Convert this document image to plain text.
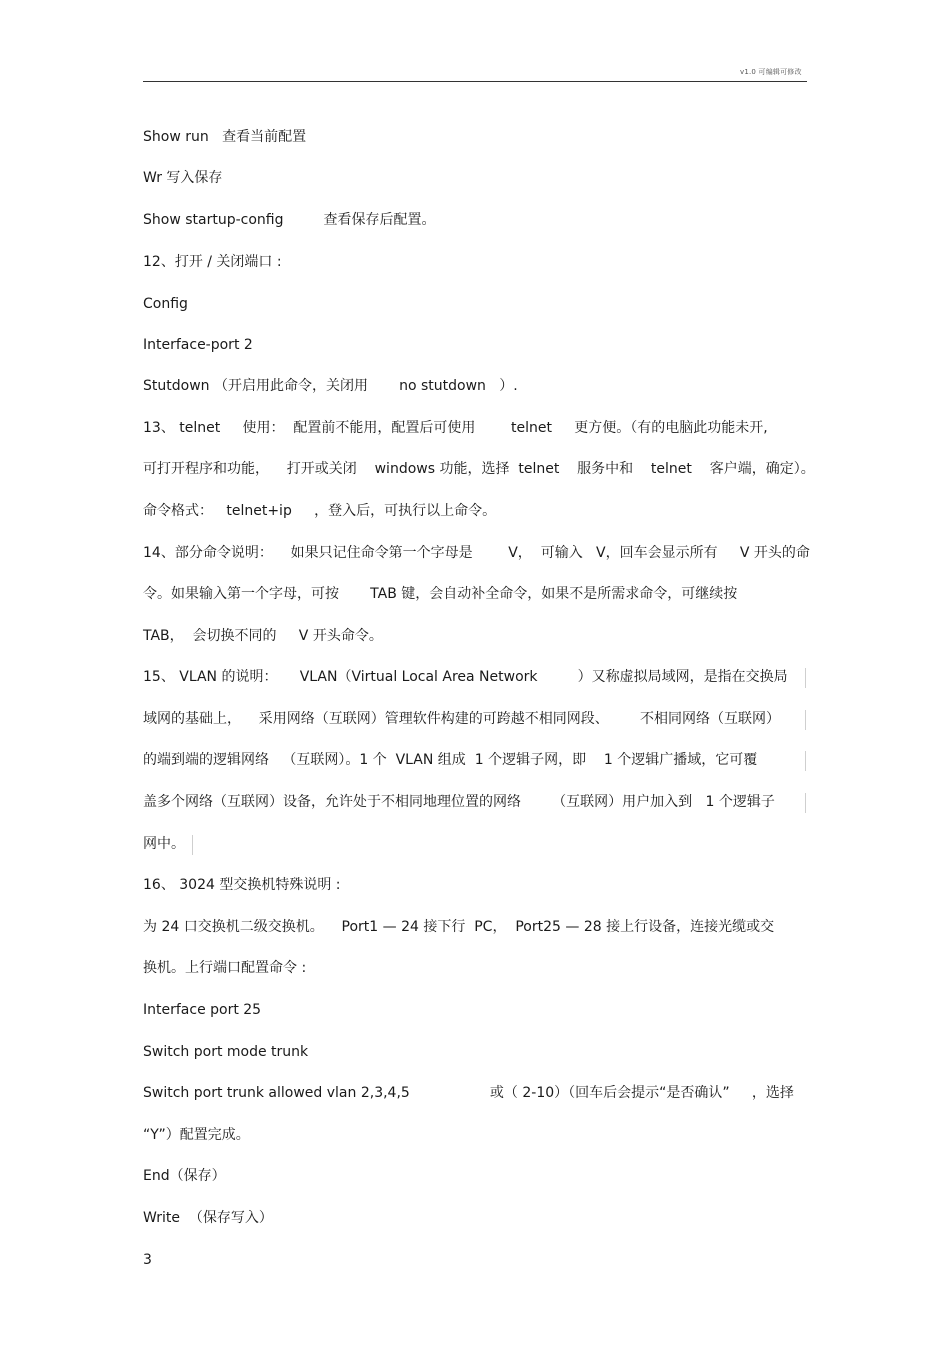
v1.0 可编辑可修改
Show run   查看当前配置
Wr 写入保存
Show startup-config         查看保存后配置。
12、打开 / 关闭端口 :
Config
Interface-port 2
Stutdown （开启用此命令，关闭用       no stutdown   ）.
13、 telnet     使用：  配置前不能用，配置后可使用        telnet     更方便。（有的电脑此功能未开,
可打开程序和功能，    打开或关闭    windows 功能，选择  telnet    服务中和    telnet    客户端，确定）。
命令格式：   telnet+ip     ，登入后，可执行以上命令。
14、部分命令说明：    如果只记住命令第一个字母是        V，  可输入   V，回车会显示所有     V 开头的命
令。如果输入第一个字母，可按       TAB 键，会自动补全命令，如果不是所需求命令，可继续按
TAB，  会切换不同的     V 开头命令。
15、 VLAN 的说明：     VLAN（Virtual Local Area Network         ）又称虚拟局域网，是指在交换局
域网的基础上，    采用网络（互联网）管理软件构建的可跨越不相同网段、       不相同网络（互联网）
的端到端的逻辑网络   （互联网）。1 个  VLAN 组成  1 个逻辑子网，即    1 个逻辑广播域，它可覆
盖多个网络（互联网）设备，允许处于不相同地理位置的网络       （互联网）用户加入到   1 个逻辑子
网中。
16、 3024 型交换机特殊说明 :
为 24 口交换机二级交换机。    Port1 — 24 接下行  PC，  Port25 — 28 接上行设备，连接光缆或交
换机。上行端口配置命令 :
Interface port 25
Switch port mode trunk
Switch port trunk allowed vlan 2,3,4,5                  或（ 2-10）（回车后会提示“是否确认”     ，选择
“Y”）配置完成。
End（保存）
Write  （保存写入）
3
